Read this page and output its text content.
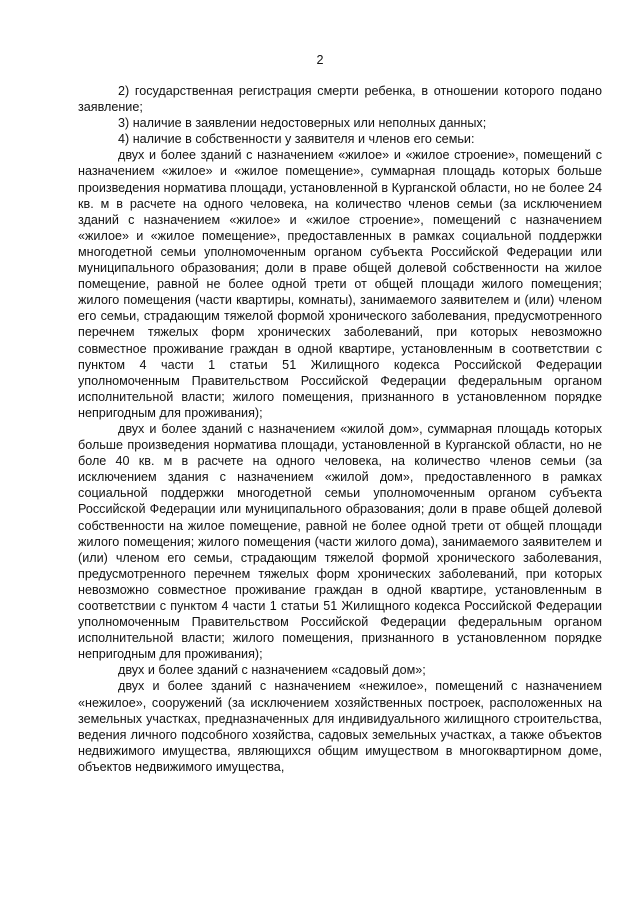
2

2) государственная регистрация смерти ребенка, в отношении которого подано заявление;

3) наличие в заявлении недостоверных или неполных данных;

4) наличие в собственности у заявителя и членов его семьи:

двух и более зданий с назначением «жилое» и «жилое строение», помещений с назначением «жилое» и «жилое помещение», суммарная площадь которых больше произведения норматива площади, установленной в Курганской области, но не более 24 кв. м в расчете на одного человека, на количество членов семьи (за исключением зданий с назначением «жилое» и «жилое строение», помещений с назначением «жилое» и «жилое помещение», предоставленных в рамках социальной поддержки многодетной семьи уполномоченным органом субъекта Российской Федерации или муниципального образования; доли в праве общей долевой собственности на жилое помещение, равной не более одной трети от общей площади жилого помещения; жилого помещения (части квартиры, комнаты), занимаемого заявителем и (или) членом его семьи, страдающим тяжелой формой хронического заболевания, предусмотренного перечнем тяжелых форм хронических заболеваний, при которых невозможно совместное проживание граждан в одной квартире, установленным в соответствии с пунктом 4 части 1 статьи 51 Жилищного кодекса Российской Федерации уполномоченным Правительством Российской Федерации федеральным органом исполнительной власти; жилого помещения, признанного в установленном порядке непригодным для проживания);

двух и более зданий с назначением «жилой дом», суммарная площадь которых больше произведения норматива площади, установленной в Курганской области, но не боле 40 кв. м в расчете на одного человека, на количество членов семьи (за исключением здания с назначением «жилой дом», предоставленного в рамках социальной поддержки многодетной семьи уполномоченным органом субъекта Российской Федерации или муниципального образования; доли в праве общей долевой собственности на жилое помещение, равной не более одной трети от общей площади жилого помещения; жилого помещения (части жилого дома), занимаемого заявителем и (или) членом его семьи, страдающим тяжелой формой хронического заболевания, предусмотренного перечнем тяжелых форм хронических заболеваний, при которых невозможно совместное проживание граждан в одной квартире, установленным в соответствии с пунктом 4 части 1 статьи 51 Жилищного кодекса Российской Федерации уполномоченным Правительством Российской Федерации федеральным органом исполнительной власти; жилого помещения, признанного в установленном порядке непригодным для проживания);

двух и более зданий с назначением «садовый дом»;

двух и более зданий с назначением «нежилое», помещений с назначением «нежилое», сооружений (за исключением хозяйственных построек, расположенных на земельных участках, предназначенных для индивидуального жилищного строительства, ведения личного подсобного хозяйства, садовых земельных участках, а также объектов недвижимого имущества, являющихся общим имуществом в многоквартирном доме, объектов недвижимого имущества,
